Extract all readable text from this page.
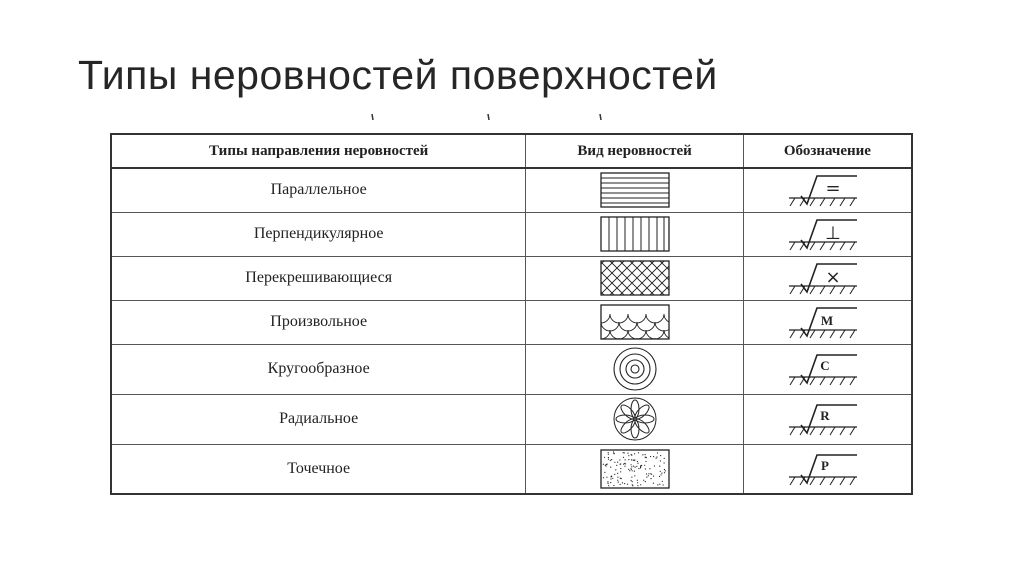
Типы неровностей поверхностей
Типы направления неровностей	Вид неровностей	Обозначение
Параллельное		=

Перпендикулярное		⊥

Перекрешивающиеся		×

Произвольное		M

Кругообразное		C

Радиальное		R

Точечное		P
